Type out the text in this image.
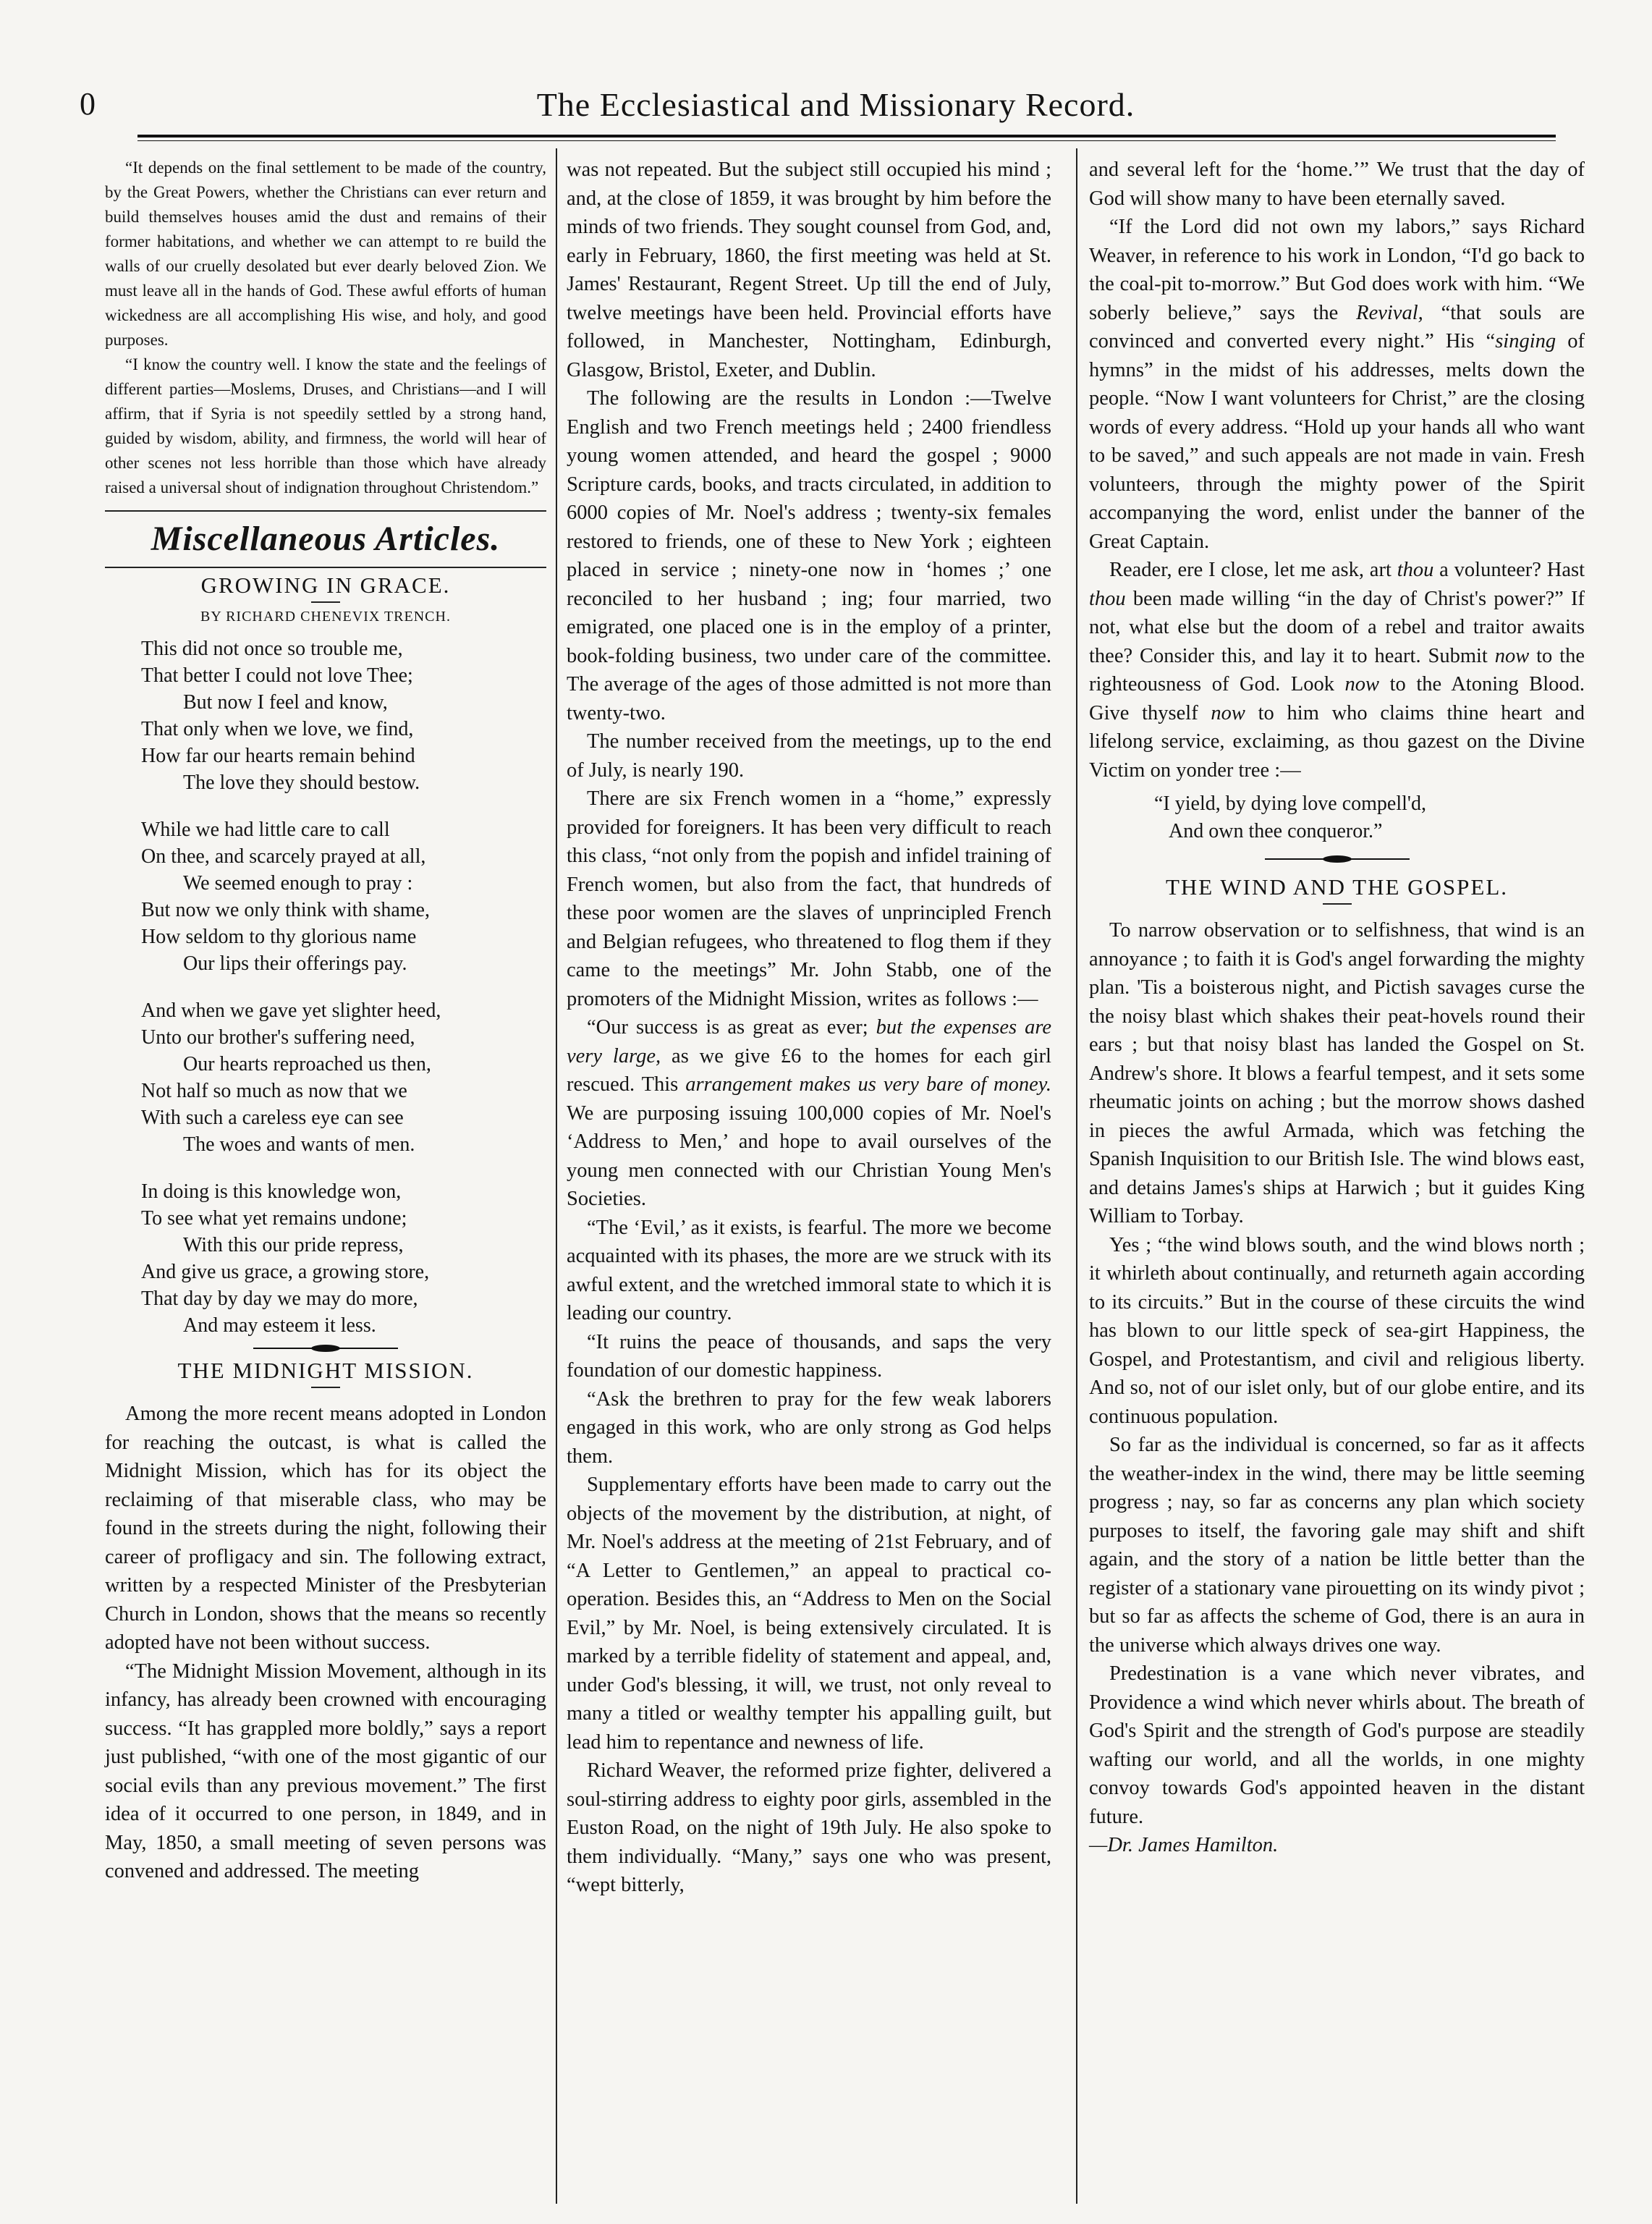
0	The Ecclesiastical and Missionary Record.

“It depends on the final settlement to be made of the country, by the Great Powers, whether the Christians can ever return and build themselves houses amid the dust and remains of their former habitations, and whether we can attempt to re build the walls of our cruelly desolated but ever dearly beloved Zion. We must leave all in the hands of God. These awful efforts of human wickedness are all accomplishing His wise, and holy, and good purposes.

“I know the country well. I know the state and the feelings of different parties—Moslems, Druses, and Christians—and I will affirm, that if Syria is not speedily settled by a strong hand, guided by wisdom, ability, and firmness, the world will hear of other scenes not less horrible than those which have already raised a universal shout of indignation throughout Christendom.”

Miscellaneous Articles.
GROWING IN GRACE.
BY RICHARD CHENEVIX TRENCH.
This did not once so trouble me,
That better I could not love Thee;
But now I feel and know,
That only when we love, we find,
How far our hearts remain behind
The love they should bestow.
While we had little care to call
On thee, and scarcely prayed at all,
We seemed enough to pray :
But now we only think with shame,
How seldom to thy glorious name
Our lips their offerings pay.
And when we gave yet slighter heed,
Unto our brother's suffering need,
Our hearts reproached us then,
Not half so much as now that we
With such a careless eye can see
The woes and wants of men.
In doing is this knowledge won,
To see what yet remains undone;
With this our pride repress,
And give us grace, a growing store,
That day by day we may do more,
And may esteem it less.
THE MIDNIGHT MISSION.

Among the more recent means adopted in London for reaching the outcast, is what is called the Midnight Mission, which has for its object the reclaiming of that miserable class, who may be found in the streets during the night, following their career of profligacy and sin. The following extract, written by a respected Minister of the Presbyterian Church in London, shows that the means so recently adopted have not been without success.

“The Midnight Mission Movement, although in its infancy, has already been crowned with encouraging success. “It has grappled more boldly,” says a report just published, “with one of the most gigantic of our social evils than any previous movement.” The first idea of it occurred to one person, in 1849, and in May, 1850, a small meeting of seven persons was convened and addressed. The meeting

was not repeated. But the subject still occupied his mind ; and, at the close of 1859, it was brought by him before the minds of two friends. They sought counsel from God, and, early in February, 1860, the first meeting was held at St. James' Restaurant, Regent Street. Up till the end of July, twelve meetings have been held. Provincial efforts have followed, in Manchester, Nottingham, Edinburgh, Glasgow, Bristol, Exeter, and Dublin.

The following are the results in London :—Twelve English and two French meetings held ; 2400 friendless young women attended, and heard the gospel ; 9000 Scripture cards, books, and tracts circulated, in addition to 6000 copies of Mr. Noel's address ; twenty-six females restored to friends, one of these to New York ; eighteen placed in service ; ninety-one now in ‘homes ;’ one reconciled to her husband ; ing; four married, two emigrated, one placed one is in the employ of a printer, book-folding business, two under care of the committee. The average of the ages of those admitted is not more than twenty-two.

The number received from the meetings, up to the end of July, is nearly 190.

There are six French women in a “home,” expressly provided for foreigners. It has been very difficult to reach this class, “not only from the popish and infidel training of French women, but also from the fact, that hundreds of these poor women are the slaves of unprincipled French and Belgian refugees, who threatened to flog them if they came to the meetings” Mr. John Stabb, one of the promoters of the Midnight Mission, writes as follows :—

“Our success is as great as ever; but the expenses are very large, as we give £6 to the homes for each girl rescued. This arrangement makes us very bare of money. We are purposing issuing 100,000 copies of Mr. Noel's ‘Address to Men,’ and hope to avail ourselves of the young men connected with our Christian Young Men's Societies.

“The ‘Evil,’ as it exists, is fearful. The more we become acquainted with its phases, the more are we struck with its awful extent, and the wretched immoral state to which it is leading our country.

“It ruins the peace of thousands, and saps the very foundation of our domestic happiness.

“Ask the brethren to pray for the few weak laborers engaged in this work, who are only strong as God helps them.

Supplementary efforts have been made to carry out the objects of the movement by the distribution, at night, of Mr. Noel's address at the meeting of 21st February, and of “A Letter to Gentlemen,” an appeal to practical co-operation. Besides this, an “Address to Men on the Social Evil,” by Mr. Noel, is being extensively circulated. It is marked by a terrible fidelity of statement and appeal, and, under God's blessing, it will, we trust, not only reveal to many a titled or wealthy tempter his appalling guilt, but lead him to repentance and newness of life.

Richard Weaver, the reformed prize fighter, delivered a soul-stirring address to eighty poor girls, assembled in the Euston Road, on the night of 19th July. He also spoke to them individually. “Many,” says one who was present, “wept bitterly,

and several left for the ‘home.’” We trust that the day of God will show many to have been eternally saved.

“If the Lord did not own my labors,” says Richard Weaver, in reference to his work in London, “I'd go back to the coal-pit to-morrow.” But God does work with him. “We soberly believe,” says the Revival, “that souls are convinced and converted every night.” His “singing of hymns” in the midst of his addresses, melts down the people. “Now I want volunteers for Christ,” are the closing words of every address. “Hold up your hands all who want to be saved,” and such appeals are not made in vain. Fresh volunteers, through the mighty power of the Spirit accompanying the word, enlist under the banner of the Great Captain.

Reader, ere I close, let me ask, art thou a volunteer? Hast thou been made willing “in the day of Christ's power?” If not, what else but the doom of a rebel and traitor awaits thee? Consider this, and lay it to heart. Submit now to the righteousness of God. Look now to the Atoning Blood. Give thyself now to him who claims thine heart and lifelong service, exclaiming, as thou gazest on the Divine Victim on yonder tree :—

“I yield, by dying love compell'd,
And own thee conqueror.”
THE WIND AND THE GOSPEL.

To narrow observation or to selfishness, that wind is an annoyance ; to faith it is God's angel forwarding the mighty plan. 'Tis a boisterous night, and Pictish savages curse the the noisy blast which shakes their peat-hovels round their ears ; but that noisy blast has landed the Gospel on St. Andrew's shore. It blows a fearful tempest, and it sets some rheumatic joints on aching ; but the morrow shows dashed in pieces the awful Armada, which was fetching the Spanish Inquisition to our British Isle. The wind blows east, and detains James's ships at Harwich ; but it guides King William to Torbay.

Yes ; “the wind blows south, and the wind blows north ; it whirleth about continually, and returneth again according to its circuits.” But in the course of these circuits the wind has blown to our little speck of sea-girt Happiness, the Gospel, and Protestantism, and civil and religious liberty. And so, not of our islet only, but of our globe entire, and its continuous population.

So far as the individual is concerned, so far as it affects the weather-index in the wind, there may be little seeming progress ; nay, so far as concerns any plan which society purposes to itself, the favoring gale may shift and shift again, and the story of a nation be little better than the register of a stationary vane pirouetting on its windy pivot ; but so far as affects the scheme of God, there is an aura in the universe which always drives one way.

Predestination is a vane which never vibrates, and Providence a wind which never whirls about. The breath of God's Spirit and the strength of God's purpose are steadily wafting our world, and all the worlds, in one mighty convoy towards God's appointed heaven in the distant future.

—Dr. James Hamilton.
